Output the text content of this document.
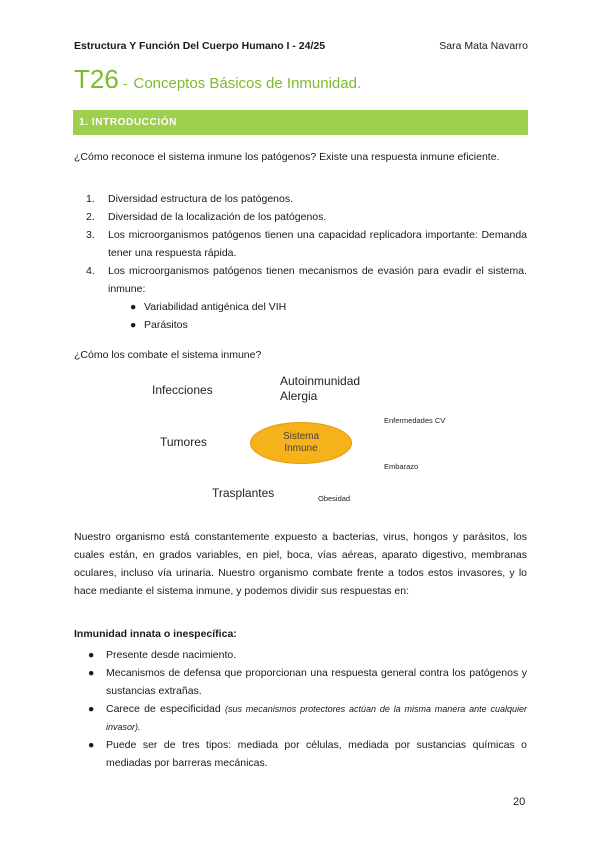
Estructura Y Función Del Cuerpo Humano I - 24/25	Sara Mata Navarro
T26 - Conceptos Básicos de Inmunidad.
1. INTRODUCCIÓN
¿Cómo reconoce el sistema inmune los patógenos? Existe una respuesta inmune eficiente.
1. Diversidad estructura de los patógenos.
2. Diversidad de la localización de los patógenos.
3. Los microorganismos patógenos tienen una capacidad replicadora importante: Demanda tener una respuesta rápida.
4. Los microorganismos patógenos tienen mecanismos de evasión para evadir el sistema. inmune:
● Variabilidad antigénica del VIH
● Parásitos
¿Cómo los combate el sistema inmune?
Infecciones
Autoinmunidad
Alergia
Enfermedades CV
Tumores	Sistema
Inmune
Embarazo
Trasplantes	Obesidad
Nuestro organismo está constantemente expuesto a bacterias, virus, hongos y parásitos, los cuales están, en grados variables, en piel, boca, vías aéreas, aparato digestivo, membranas oculares, incluso vía urinaria. Nuestro organismo combate frente a todos estos invasores, y lo hace mediante el sistema inmune, y podemos dividir sus respuestas en:
Inmunidad innata o inespecífica:
● Presente desde nacimiento.
● Mecanismos de defensa que proporcionan una respuesta general contra los patógenos y sustancias extrañas.
● Carece de especificidad (sus mecanismos protectores actúan de la misma manera ante cualquier invasor).
● Puede ser de tres tipos: mediada por células, mediada por sustancias químicas o mediadas por barreras mecánicas.
20
